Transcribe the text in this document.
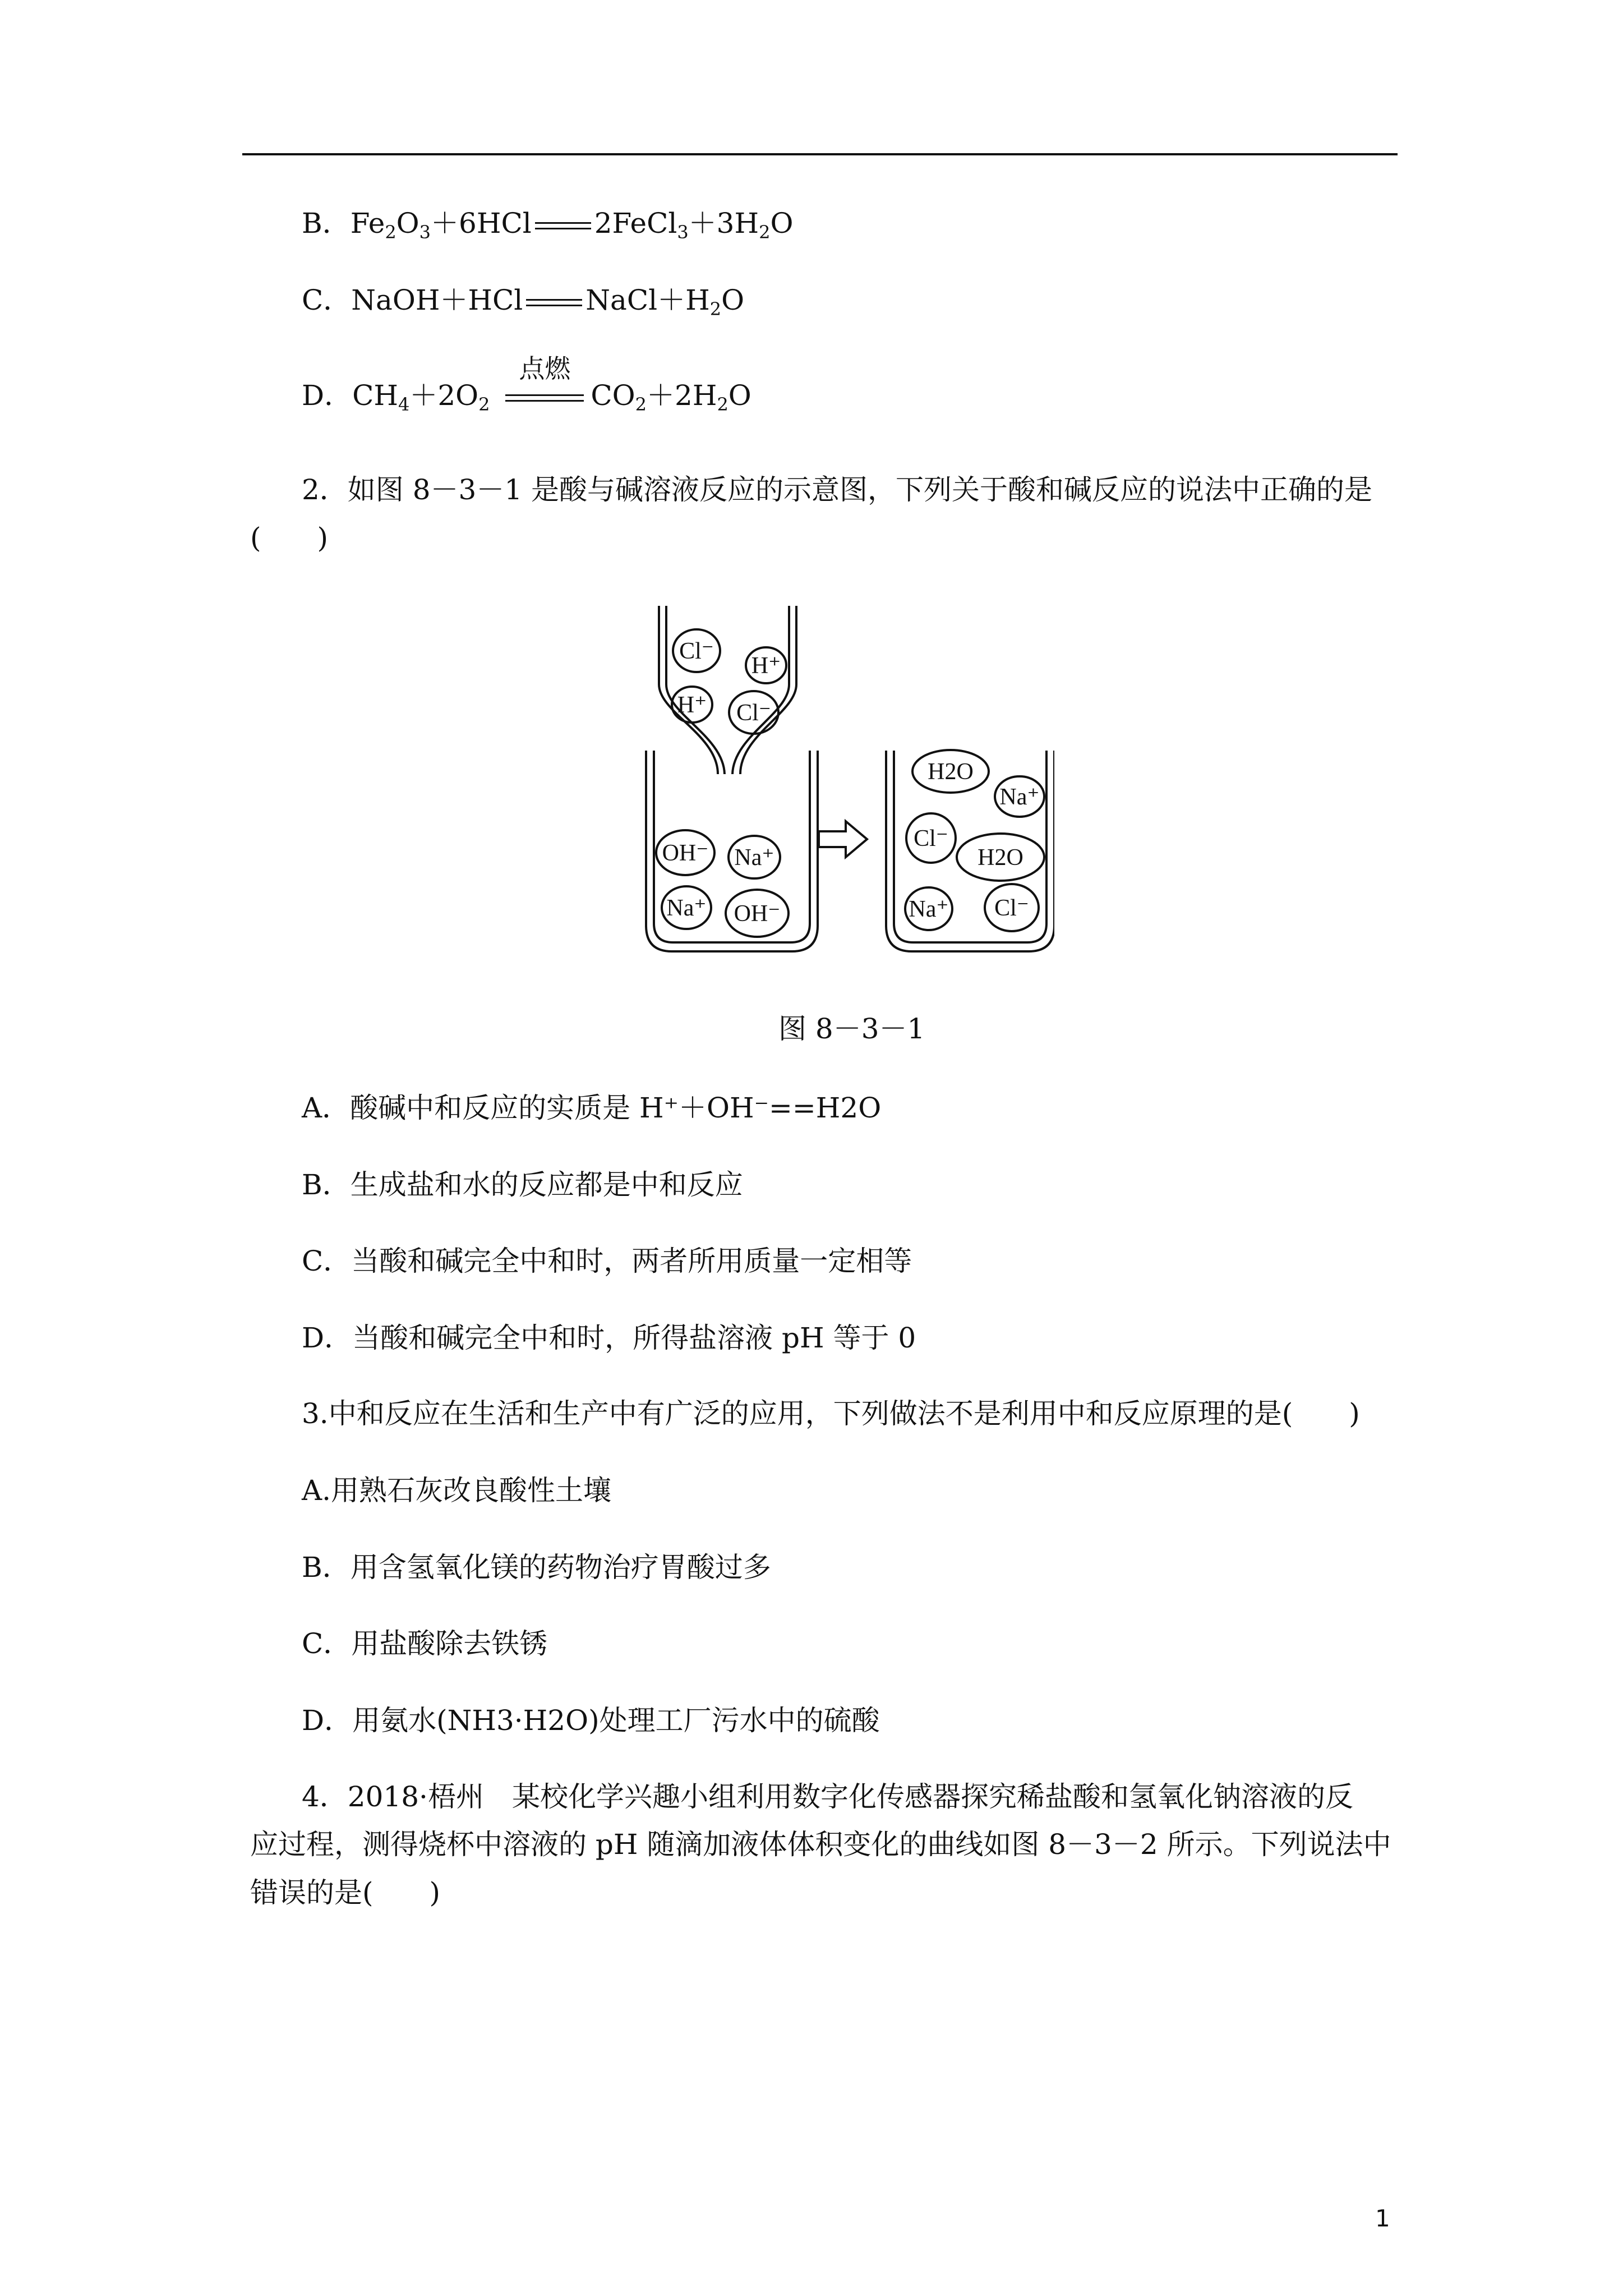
B．$Fe_2O_3+6HCl$ $2FeCl_3+3H_2O$
C．NaOH＋HCl $NaCl+H_2O$
D．$CH_4+2O_2$
点燃
$CO_2+2H_2O$
2．如图 8－3－1 是酸与碱溶液反应的示意图，下列关于酸和碱反应的说法中正确的是
(　　)
Cl⁻
H⁺
H⁺ Cl⁻
OH⁻ Na⁺
Na⁺ OH⁻
H2O
Na⁺
Cl⁻
H2O
Na⁺ Cl⁻
图 8－3－1
A．酸碱中和反应的实质是 H⁺＋OH⁻==H2O
B．生成盐和水的反应都是中和反应
C．当酸和碱完全中和时，两者所用质量一定相等
D．当酸和碱完全中和时，所得盐溶液 pH 等于 0
3.中和反应在生活和生产中有广泛的应用，下列做法不是利用中和反应原理的是(　　)
A.用熟石灰改良酸性土壤
B．用含氢氧化镁的药物治疗胃酸过多
C．用盐酸除去铁锈
D．用氨水(NH3·H2O)处理工厂污水中的硫酸
4．2018·梧州　某校化学兴趣小组利用数字化传感器探究稀盐酸和氢氧化钠溶液的反
应过程，测得烧杯中溶液的 pH 随滴加液体体积变化的曲线如图 8－3－2 所示。下列说法中
错误的是(　　)
1
